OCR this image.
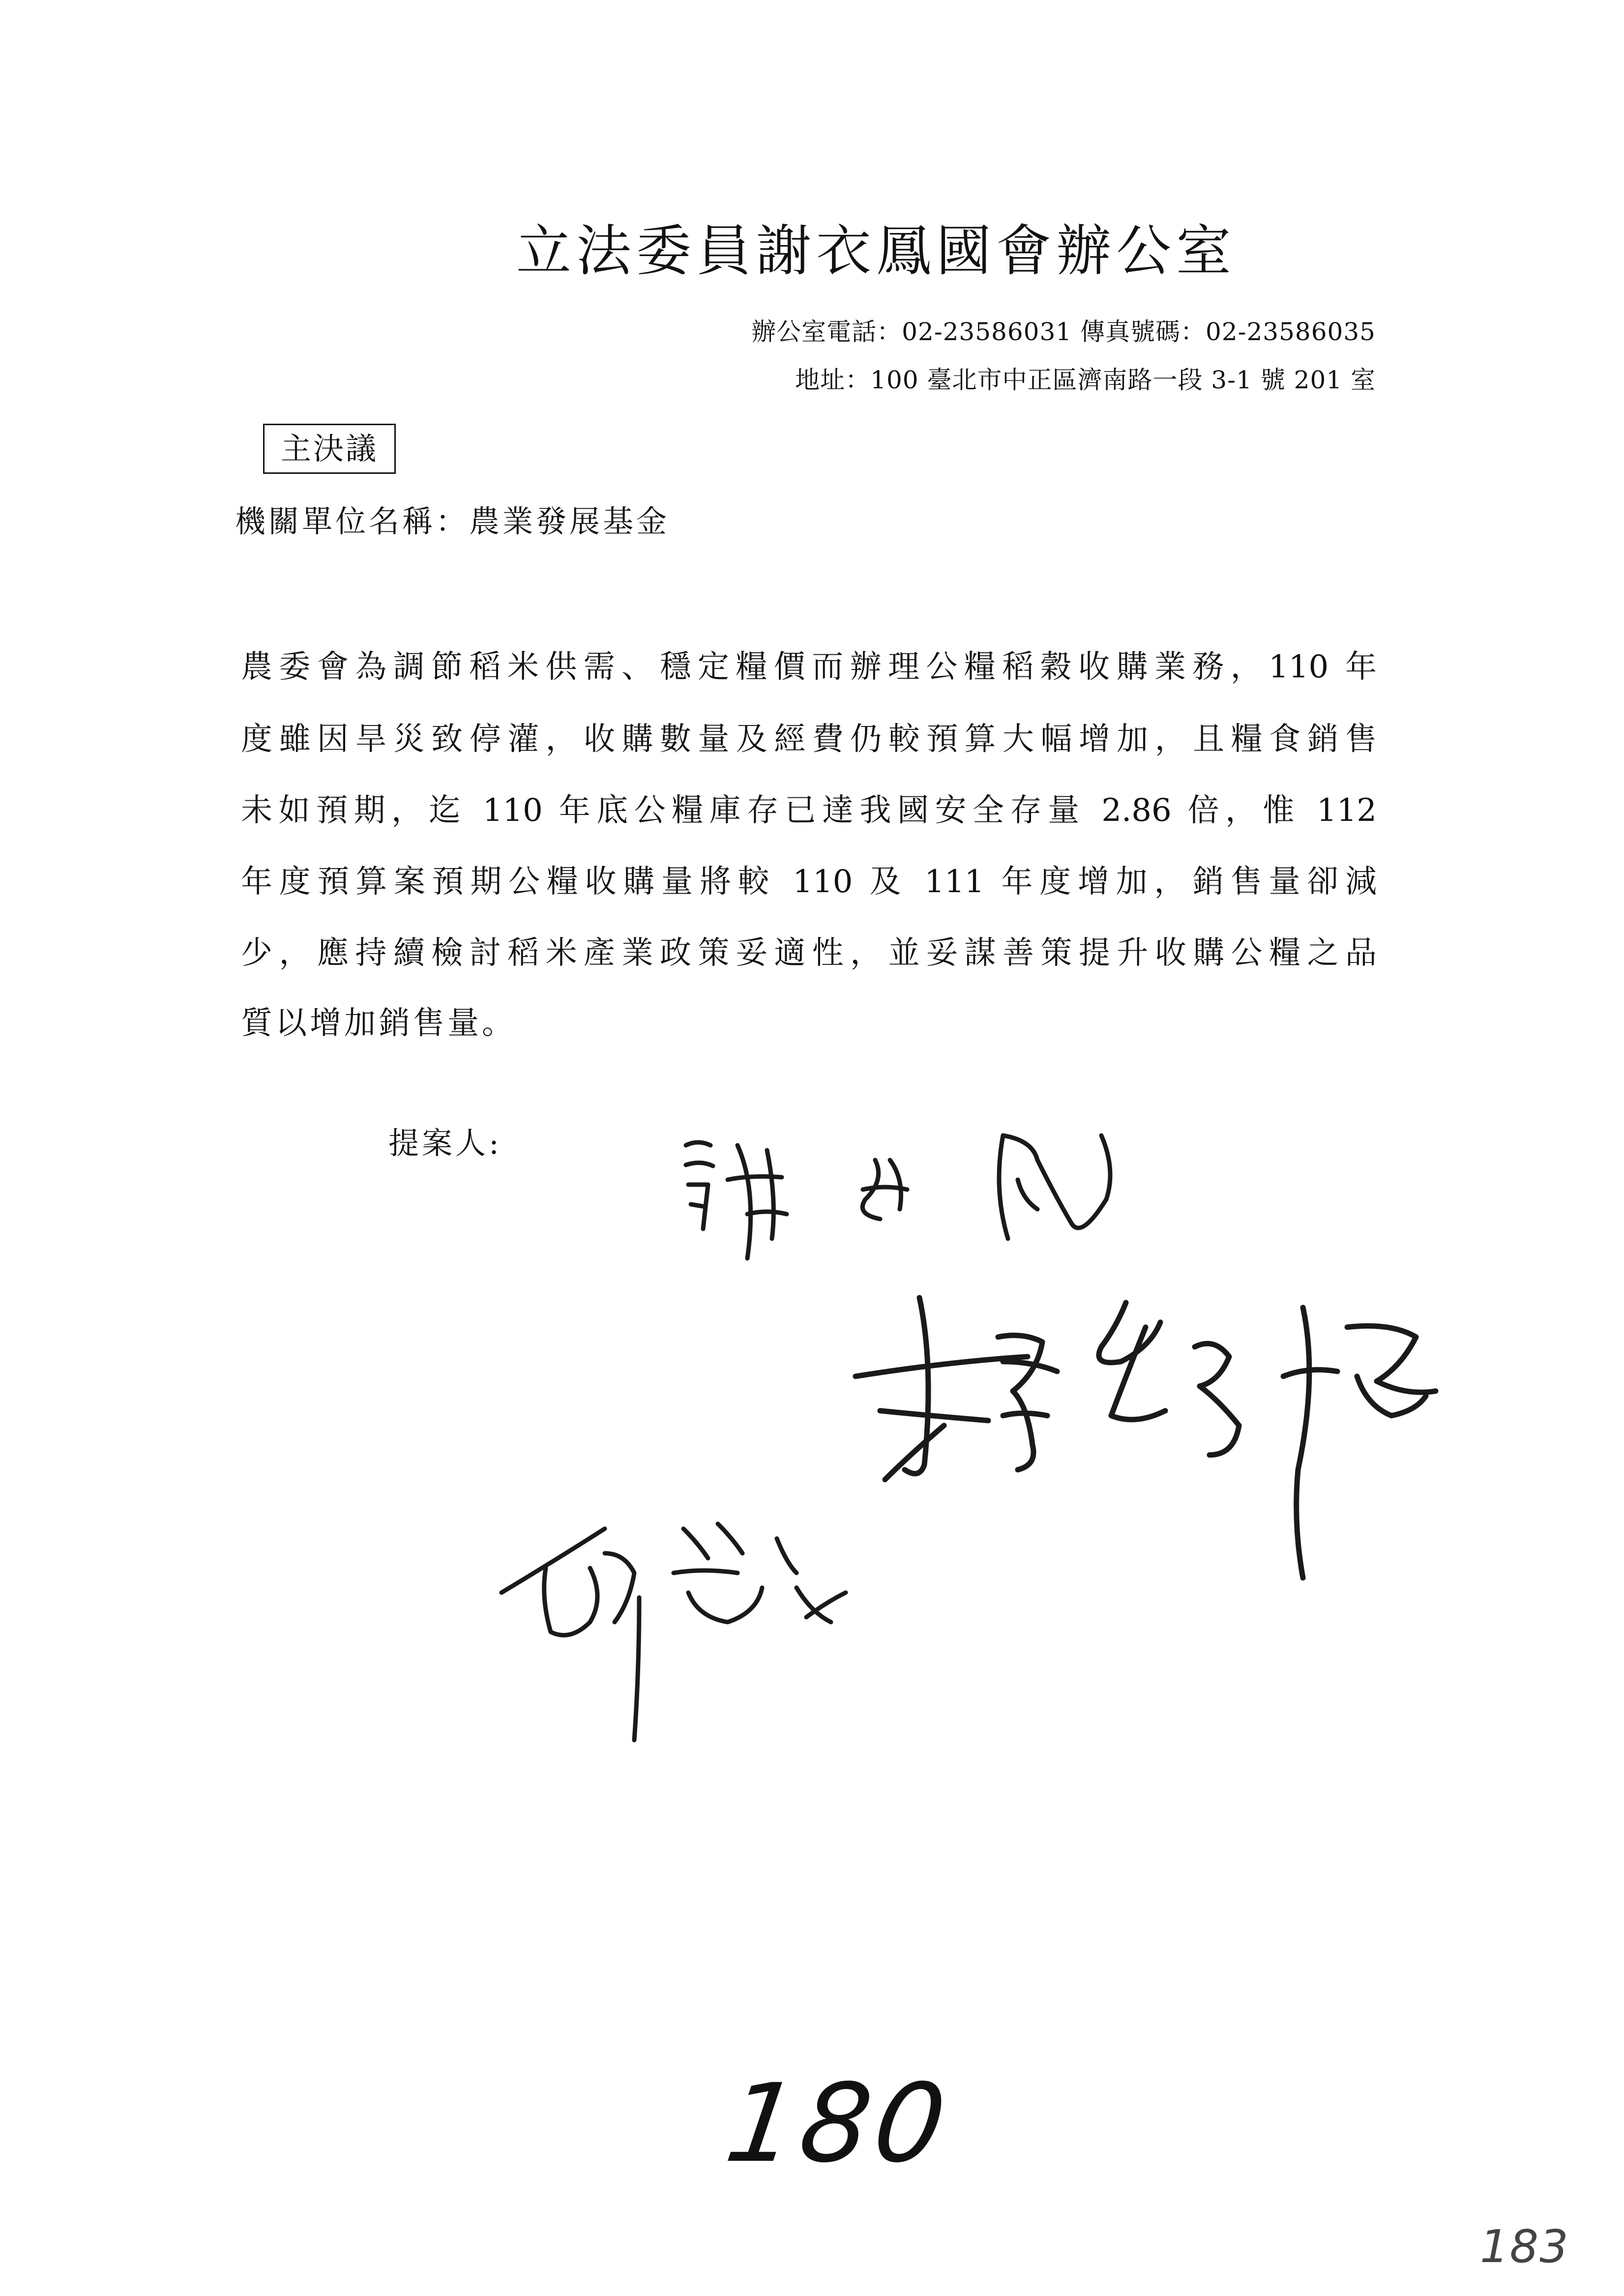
立法委員謝衣鳳國會辦公室
辦公室電話：02-23586031 傳真號碼：02-23586035
地址：100 臺北市中正區濟南路一段 3-1 號 201 室
主決議
機關單位名稱：農業發展基金
農委會為調節稻米供需、穩定糧價而辦理公糧稻穀收購業務，110 年
度雖因旱災致停灌，收購數量及經費仍較預算大幅增加，且糧食銷售
未如預期，迄 110 年底公糧庫存已達我國安全存量 2.86 倍，惟 112
年度預算案預期公糧收購量將較 110 及 111 年度增加，銷售量卻減
少，應持續檢討稻米產業政策妥適性，並妥謀善策提升收購公糧之品
質以增加銷售量。
提案人:
180
183
